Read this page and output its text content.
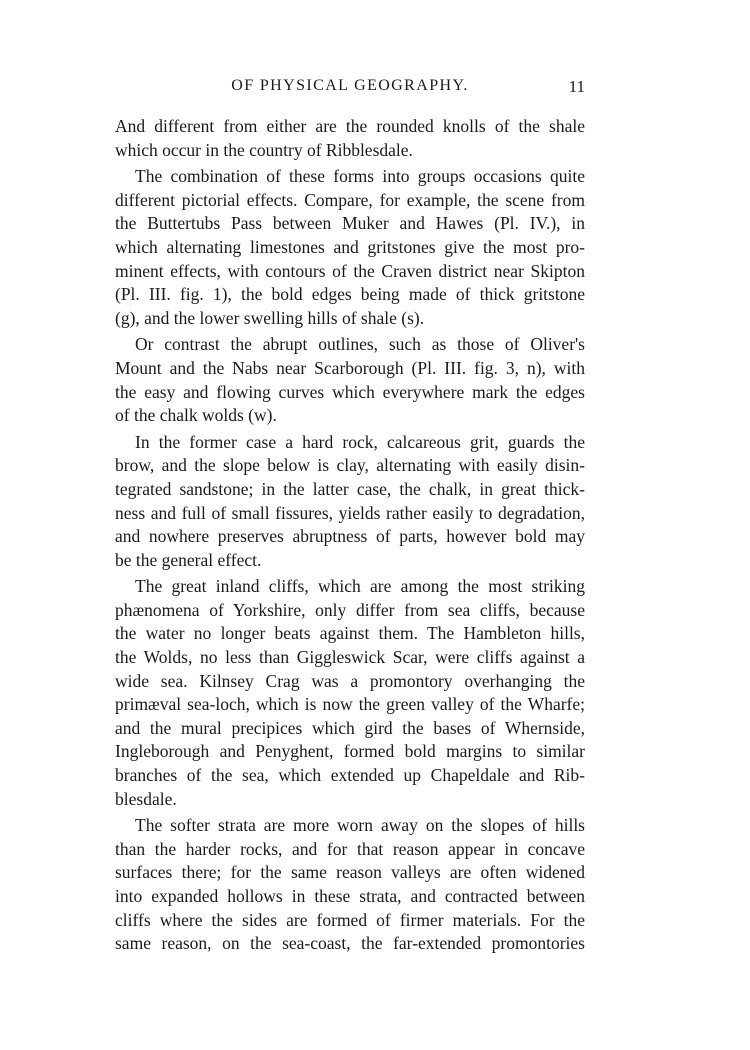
OF PHYSICAL GEOGRAPHY.	11

And different from either are the rounded knolls of the shale
which occur in the country of Ribblesdale.

The combination of these forms into groups occasions quite
different pictorial effects. Compare, for example, the scene from
the Buttertubs Pass between Muker and Hawes (Pl. IV.), in
which alternating limestones and gritstones give the most pro-
minent effects, with contours of the Craven district near Skipton
(Pl. III. fig. 1), the bold edges being made of thick gritstone
(g), and the lower swelling hills of shale (s).

Or contrast the abrupt outlines, such as those of Oliver's
Mount and the Nabs near Scarborough (Pl. III. fig. 3, n), with
the easy and flowing curves which everywhere mark the edges
of the chalk wolds (w).

In the former case a hard rock, calcareous grit, guards the
brow, and the slope below is clay, alternating with easily disin-
tegrated sandstone; in the latter case, the chalk, in great thick-
ness and full of small fissures, yields rather easily to degradation,
and nowhere preserves abruptness of parts, however bold may
be the general effect.

The great inland cliffs, which are among the most striking
phænomena of Yorkshire, only differ from sea cliffs, because
the water no longer beats against them. The Hambleton hills,
the Wolds, no less than Giggleswick Scar, were cliffs against a
wide sea. Kilnsey Crag was a promontory overhanging the
primæval sea-loch, which is now the green valley of the Wharfe;
and the mural precipices which gird the bases of Whernside,
Ingleborough and Penyghent, formed bold margins to similar
branches of the sea, which extended up Chapeldale and Rib-
blesdale.

The softer strata are more worn away on the slopes of hills
than the harder rocks, and for that reason appear in concave
surfaces there; for the same reason valleys are often widened
into expanded hollows in these strata, and contracted between
cliffs where the sides are formed of firmer materials. For the
same reason, on the sea-coast, the far-extended promontories
